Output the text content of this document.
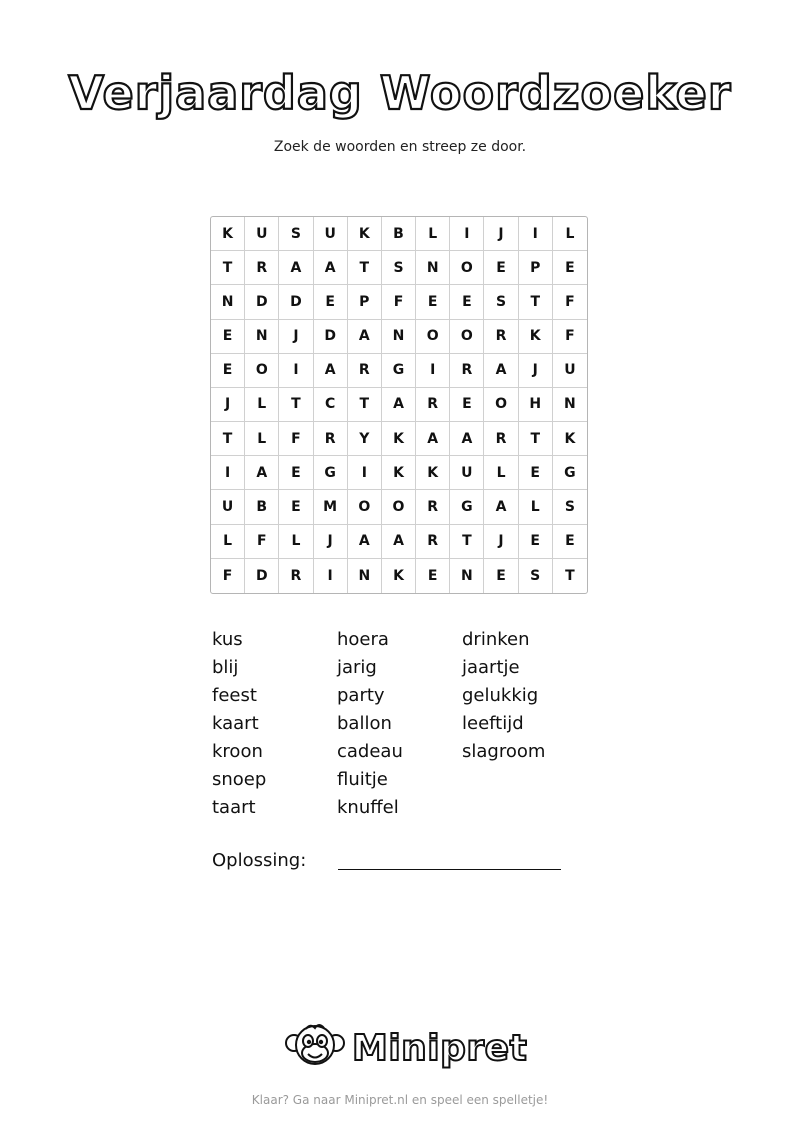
Verjaardag Woordzoeker
Zoek de woorden en streep ze door.
K	U	S	U	K	B	L	I	J	I	L
T	R	A	A	T	S	N	O	E	P	E
N	D	D	E	P	F	E	E	S	T	F
E	N	J	D	A	N	O	O	R	K	F
E	O	I	A	R	G	I	R	A	J	U
J	L	T	C	T	A	R	E	O	H	N
T	L	F	R	Y	K	A	A	R	T	K
I	A	E	G	I	K	K	U	L	E	G
U	B	E	M	O	O	R	G	A	L	S
L	F	L	J	A	A	R	T	J	E	E
F	D	R	I	N	K	E	N	E	S	T
kus
blij
feest
kaart
kroon
snoep
taart
hoera
jarig
party
ballon
cadeau
fluitje
knuffel
drinken
jaartje
gelukkig
leeftijd
slagroom
Oplossing:
Minipret
Klaar? Ga naar Minipret.nl en speel een spelletje!
